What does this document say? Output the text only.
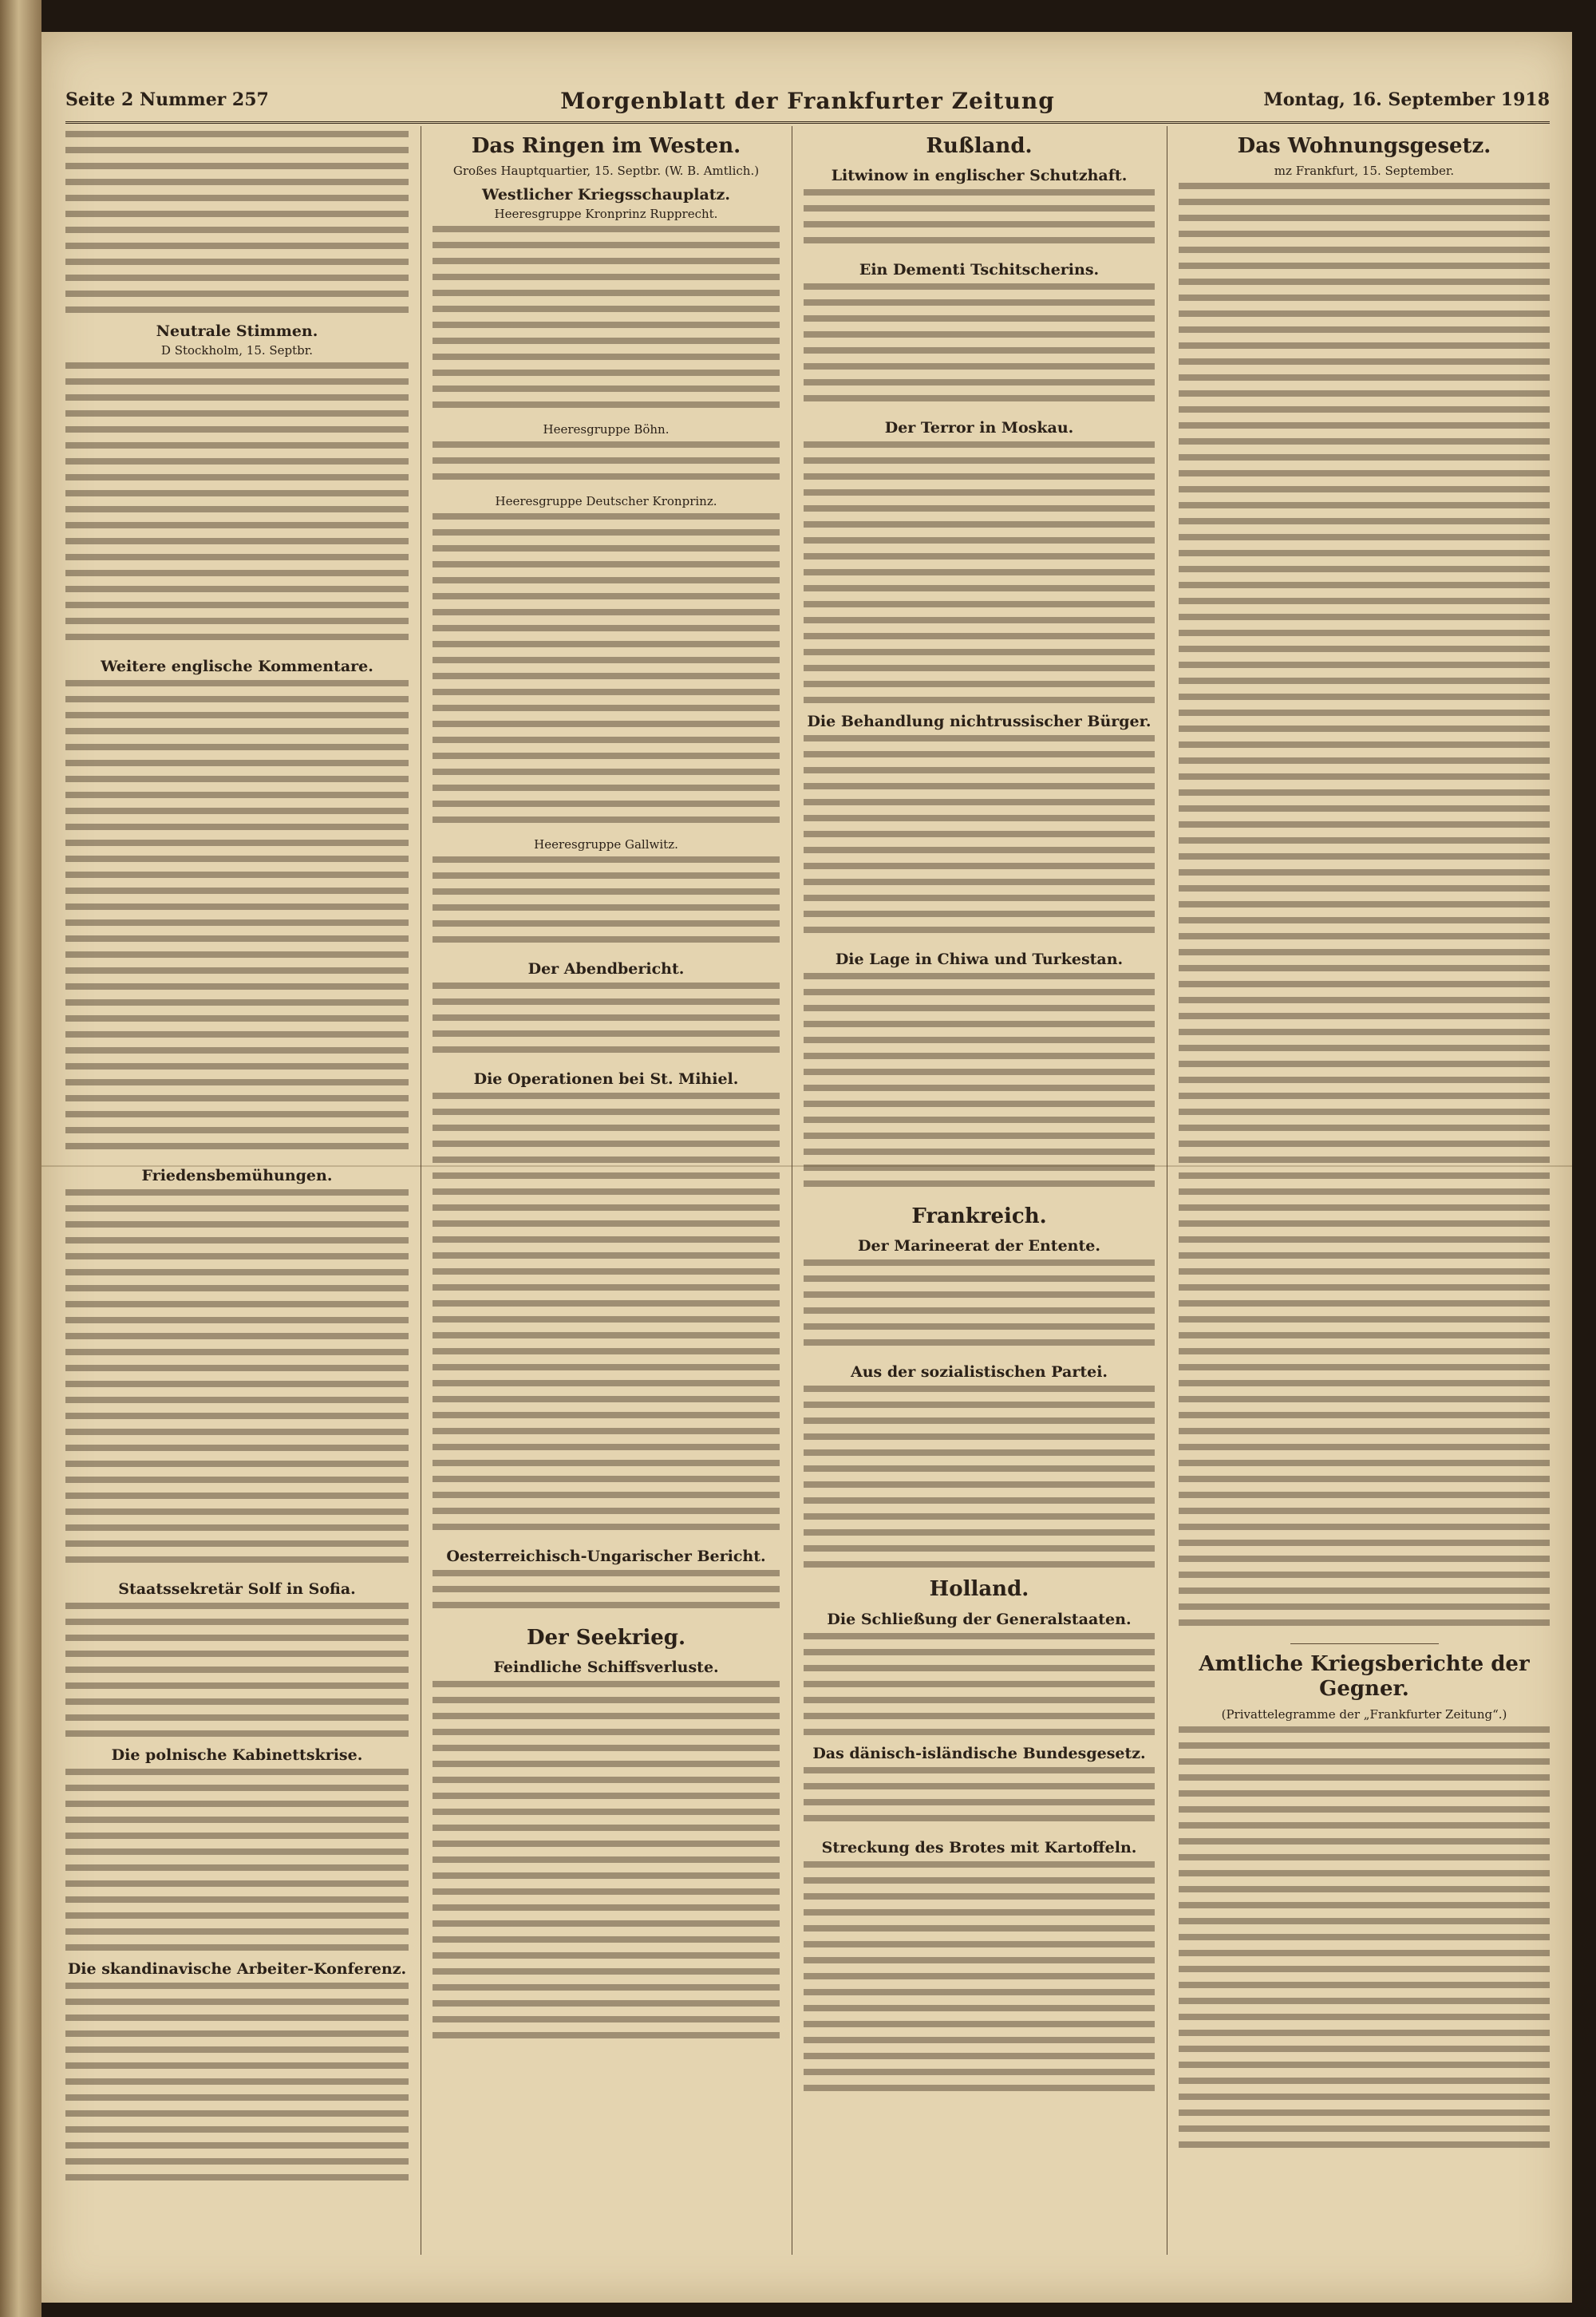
Seite 2 Nummer 257	Morgenblatt der Frankfurter Zeitung	Montag, 16. September 1918
Neutrale Stimmen.
D Stockholm, 15. Septbr.
Weitere englische Kommentare.
Friedensbemühungen.
Staatssekretär Solf in Sofia.
Die polnische Kabinettskrise.
Die skandinavische Arbeiter-Konferenz.
Das Ringen im Westen.
Großes Hauptquartier, 15. Septbr. (W. B. Amtlich.)
Westlicher Kriegsschauplatz.
Heeresgruppe Kronprinz Rupprecht.
Heeresgruppe Böhn.
Heeresgruppe Deutscher Kronprinz.
Heeresgruppe Gallwitz.
Der Abendbericht.
Die Operationen bei St. Mihiel.
Oesterreichisch-Ungarischer Bericht.
Der Seekrieg.
Feindliche Schiffsverluste.
Rußland.
Litwinow in englischer Schutzhaft.
Ein Dementi Tschitscherins.
Der Terror in Moskau.
Die Behandlung nichtrussischer Bürger.
Die Lage in Chiwa und Turkestan.
Frankreich.
Der Marineerat der Entente.
Aus der sozialistischen Partei.
Holland.
Die Schließung der Generalstaaten.
Das dänisch-isländische Bundesgesetz.
Streckung des Brotes mit Kartoffeln.
Das Wohnungsgesetz.
mz Frankfurt, 15. September.
Amtliche Kriegsberichte der Gegner.
(Privattelegramme der „Frankfurter Zeitung“.)
